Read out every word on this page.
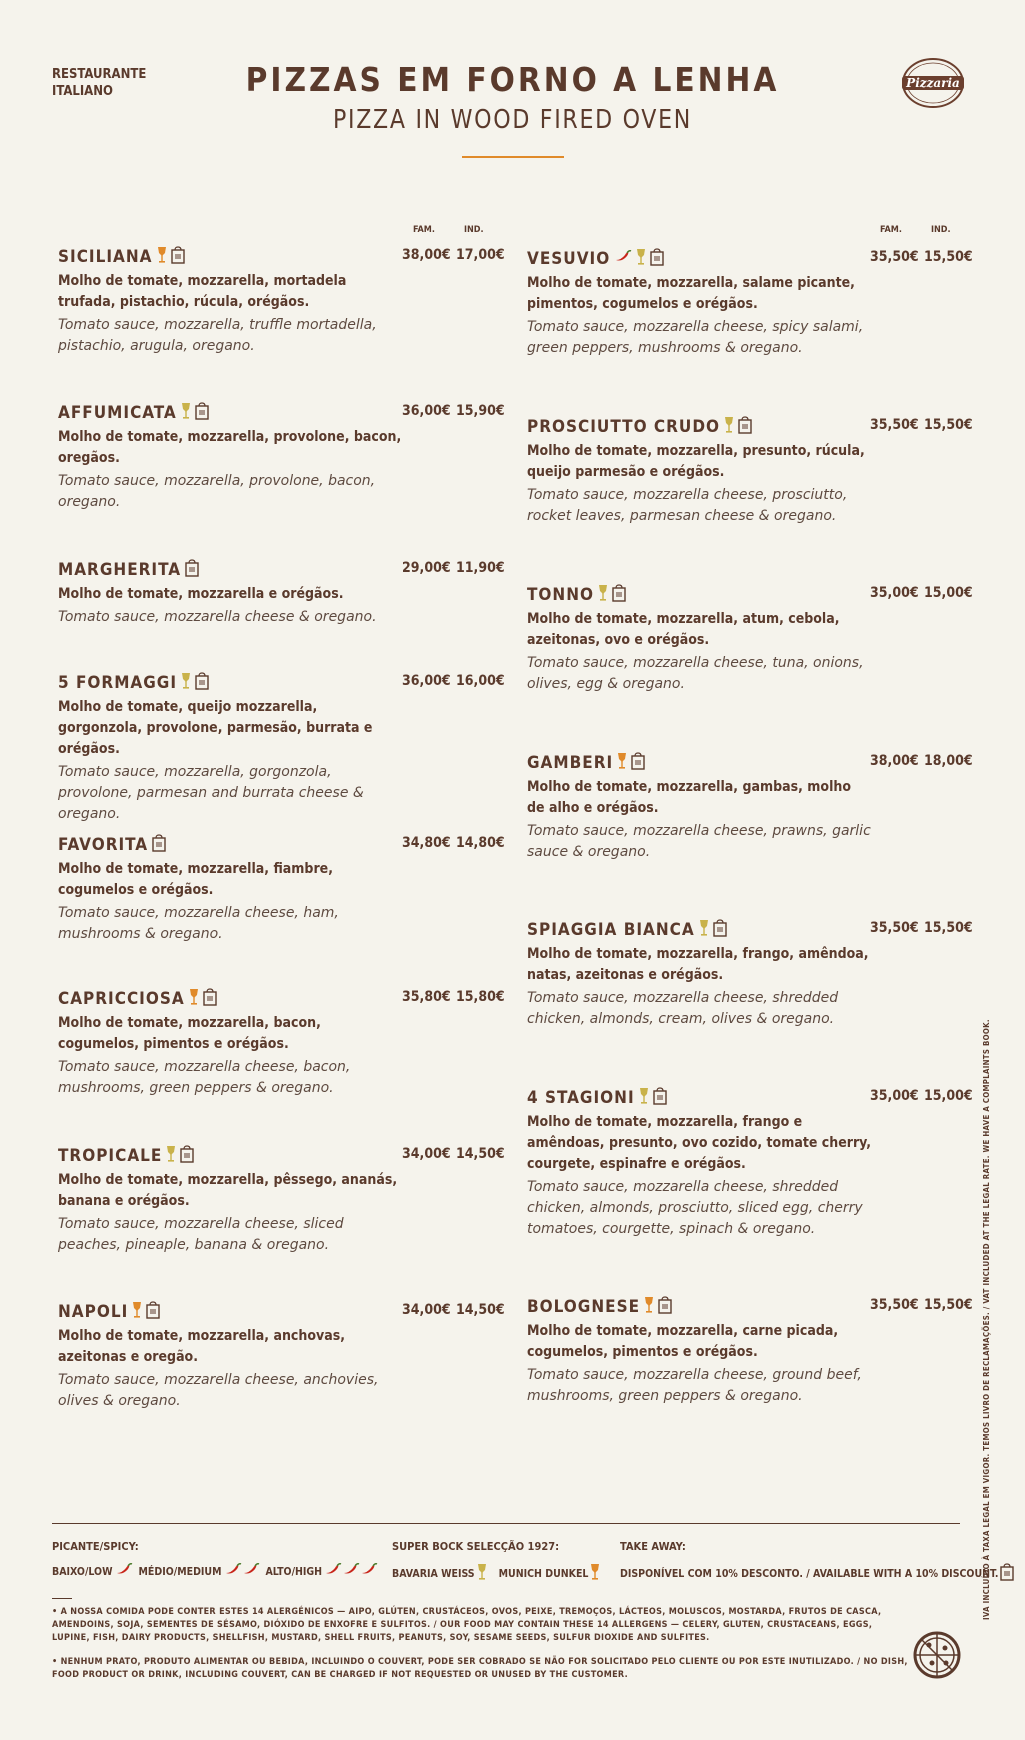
RESTAURANTE ITALIANO	PIZZAS EM FORNO A LENHA
PIZZA IN WOOD FIRED OVEN
Pizzaria
FAM.	IND.	FAM.	IND.
SICILIANA	38,00€ 17,00€
Molho de tomate, mozzarella, mortadela trufada, pistachio, rúcula, orégãos.
Tomato sauce, mozzarella, truffle mortadella, pistachio, arugula, oregano.
AFFUMICATA	36,00€ 15,90€
Molho de tomate, mozzarella, provolone, bacon, oregãos.
Tomato sauce, mozzarella, provolone, bacon, oregano.
MARGHERITA	29,00€ 11,90€
Molho de tomate, mozzarella e orégãos.
Tomato sauce, mozzarella cheese & oregano.
5 FORMAGGI	36,00€ 16,00€
Molho de tomate, queijo mozzarella, gorgonzola, provolone, parmesão, burrata e orégãos.
Tomato sauce, mozzarella, gorgonzola, provolone, parmesan and burrata cheese & oregano.
FAVORITA	34,80€ 14,80€
Molho de tomate, mozzarella, fiambre, cogumelos e orégãos.
Tomato sauce, mozzarella cheese, ham, mushrooms & oregano.
CAPRICCIOSA	35,80€ 15,80€
Molho de tomate, mozzarella, bacon, cogumelos, pimentos e orégãos.
Tomato sauce, mozzarella cheese, bacon, mushrooms, green peppers & oregano.
TROPICALE	34,00€ 14,50€
Molho de tomate, mozzarella, pêssego, ananás, banana e orégãos.
Tomato sauce, mozzarella cheese, sliced peaches, pineaple, banana & oregano.
NAPOLI	34,00€ 14,50€
Molho de tomate, mozzarella, anchovas, azeitonas e oregão.
Tomato sauce, mozzarella cheese, anchovies, olives & oregano.
VESUVIO	35,50€ 15,50€
Molho de tomate, mozzarella, salame picante, pimentos, cogumelos e orégãos.
Tomato sauce, mozzarella cheese, spicy salami, green peppers, mushrooms & oregano.
PROSCIUTTO CRUDO	35,50€ 15,50€
Molho de tomate, mozzarella, presunto, rúcula, queijo parmesão e orégãos.
Tomato sauce, mozzarella cheese, prosciutto, rocket leaves, parmesan cheese & oregano.
TONNO	35,00€ 15,00€
Molho de tomate, mozzarella, atum, cebola, azeitonas, ovo e orégãos.
Tomato sauce, mozzarella cheese, tuna, onions, olives, egg & oregano.
GAMBERI	38,00€ 18,00€
Molho de tomate, mozzarella, gambas, molho de alho e orégãos.
Tomato sauce, mozzarella cheese, prawns, garlic sauce & oregano.
SPIAGGIA BIANCA	35,50€ 15,50€
Molho de tomate, mozzarella, frango, amêndoa, natas, azeitonas e orégãos.
Tomato sauce, mozzarella cheese, shredded chicken, almonds, cream, olives & oregano.
4 STAGIONI	35,00€ 15,00€
Molho de tomate, mozzarella, frango e amêndoas, presunto, ovo cozido, tomate cherry, courgete, espinafre e orégãos.
Tomato sauce, mozzarella cheese, shredded chicken, almonds, prosciutto, sliced egg, cherry tomatoes, courgette, spinach & oregano.
BOLOGNESE	35,50€ 15,50€
Molho de tomate, mozzarella, carne picada, cogumelos, pimentos e orégãos.
Tomato sauce, mozzarella cheese, ground beef, mushrooms, green peppers & oregano.
PICANTE/SPICY:
BAIXO/LOW MÉDIO/MEDIUM	ALTO/HIGH
SUPER BOCK SELECÇÃO 1927:
BAVARIA WEISS MUNICH DUNKEL
TAKE AWAY:
DISPONÍVEL COM 10% DESCONTO. / AVAILABLE WITH A 10% DISCOUNT.
• A NOSSA COMIDA PODE CONTER ESTES 14 ALERGÉNICOS — AIPO, GLÚTEN, CRUSTÁCEOS, OVOS, PEIXE, TREMOÇOS, LÁCTEOS, MOLUSCOS, MOSTARDA, FRUTOS DE CASCA, AMENDOINS, SOJA, SEMENTES DE SÉSAMO, DIÓXIDO DE ENXOFRE E SULFITOS. / OUR FOOD MAY CONTAIN THESE 14 ALLERGENS — CELERY, GLUTEN, CRUSTACEANS, EGGS, LUPINE, FISH, DAIRY PRODUCTS, SHELLFISH, MUSTARD, SHELL FRUITS, PEANUTS, SOY, SESAME SEEDS, SULFUR DIOXIDE AND SULFITES.
• NENHUM PRATO, PRODUTO ALIMENTAR OU BEBIDA, INCLUINDO O COUVERT, PODE SER COBRADO SE NÃO FOR SOLICITADO PELO CLIENTE OU POR ESTE INUTILIZADO. / NO DISH, FOOD PRODUCT OR DRINK, INCLUDING COUVERT, CAN BE CHARGED IF NOT REQUESTED OR UNUSED BY THE CUSTOMER.
IVA INCLUÍDO À TAXA LEGAL EM VIGOR. TEMOS LIVRO DE RECLAMAÇÕES. / VAT INCLUDED AT THE LEGAL RATE. WE HAVE A COMPLAINTS BOOK.
